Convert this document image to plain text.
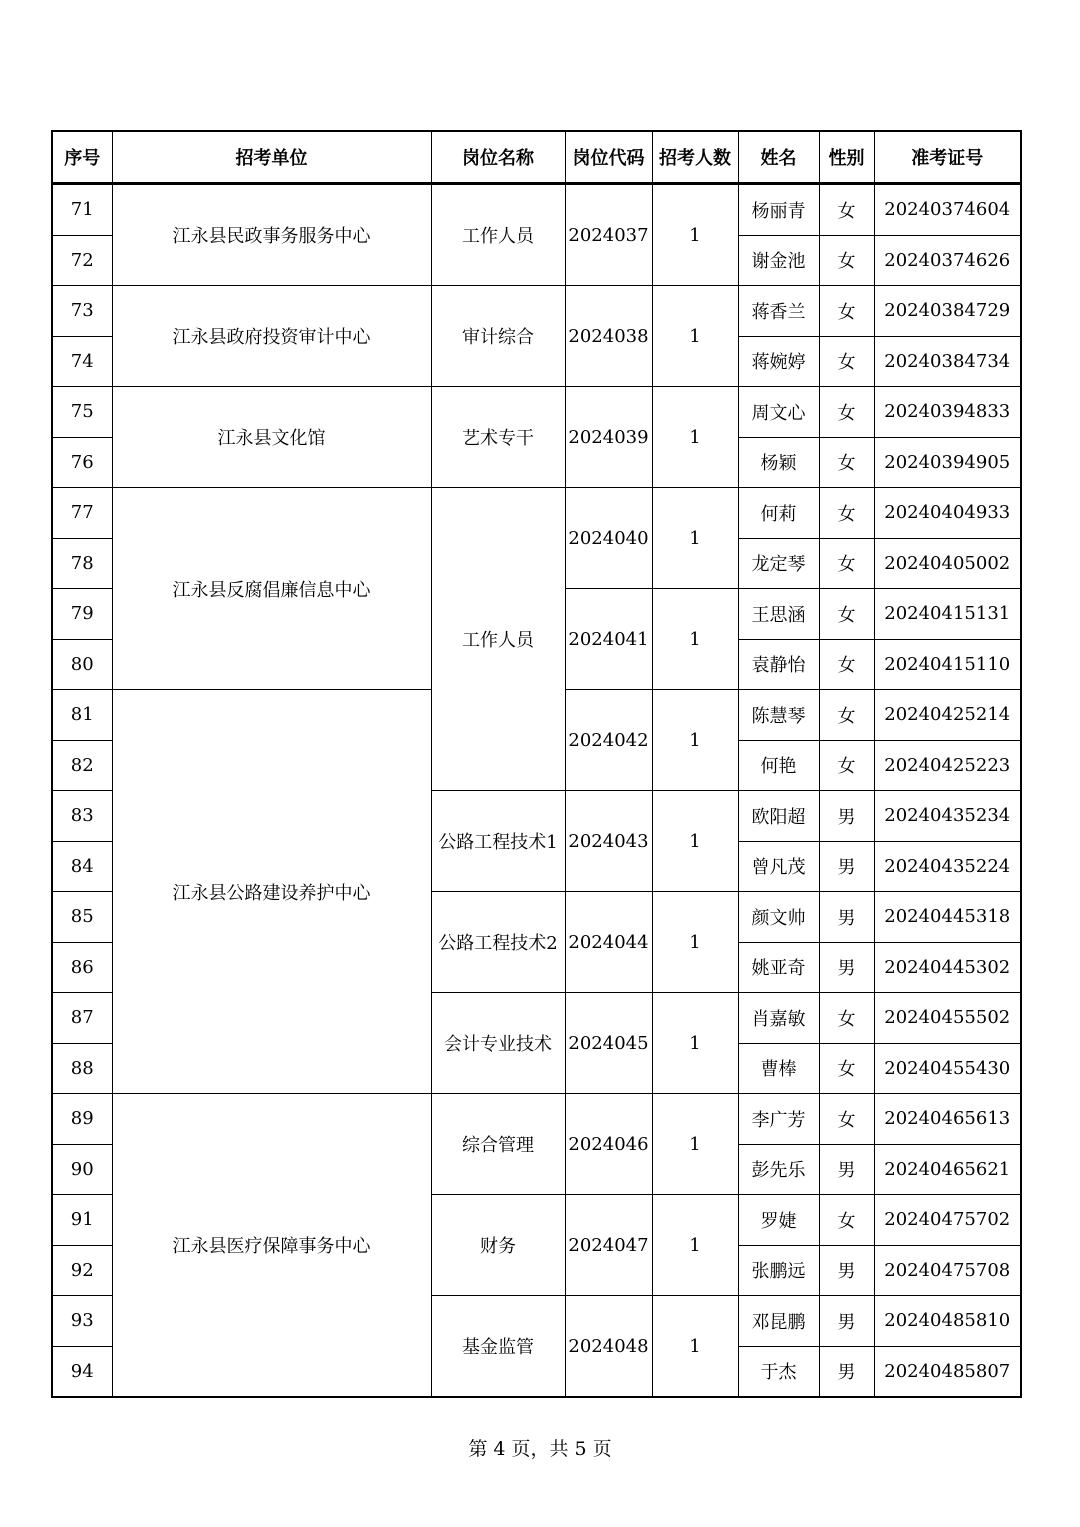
序号	招考单位	岗位名称	岗位代码	招考人数	姓名	性别	准考证号
71	江永县民政事务服务中心	工作人员	2024037	1	杨丽青	女	20240374604
72					谢金池	女	20240374626
73	江永县政府投资审计中心	审计综合	2024038	1	蒋香兰	女	20240384729
74					蒋婉婷	女	20240384734
75	江永县文化馆	艺术专干	2024039	1	周文心	女	20240394833
76					杨颖	女	20240394905
77	江永县反腐倡廉信息中心	工作人员	2024040	1	何莉	女	20240404933
78					龙定琴	女	20240405002
79			2024041	1	王思涵	女	20240415131
80					袁静怡	女	20240415110
81	江永县公路建设养护中心		2024042	1	陈慧琴	女	20240425214
82					何艳	女	20240425223
83		公路工程技术1	2024043	1	欧阳超	男	20240435234
84					曾凡茂	男	20240435224
85		公路工程技术2	2024044	1	颜文帅	男	20240445318
86					姚亚奇	男	20240445302
87		会计专业技术	2024045	1	肖嘉敏	女	20240455502
88					曹棒	女	20240455430
89	江永县医疗保障事务中心	综合管理	2024046	1	李广芳	女	20240465613
90					彭先乐	男	20240465621
91		财务	2024047	1	罗婕	女	20240475702
92					张鹏远	男	20240475708
93		基金监管	2024048	1	邓昆鹏	男	20240485810
94					于杰	男	20240485807
第 4 页，共 5 页
